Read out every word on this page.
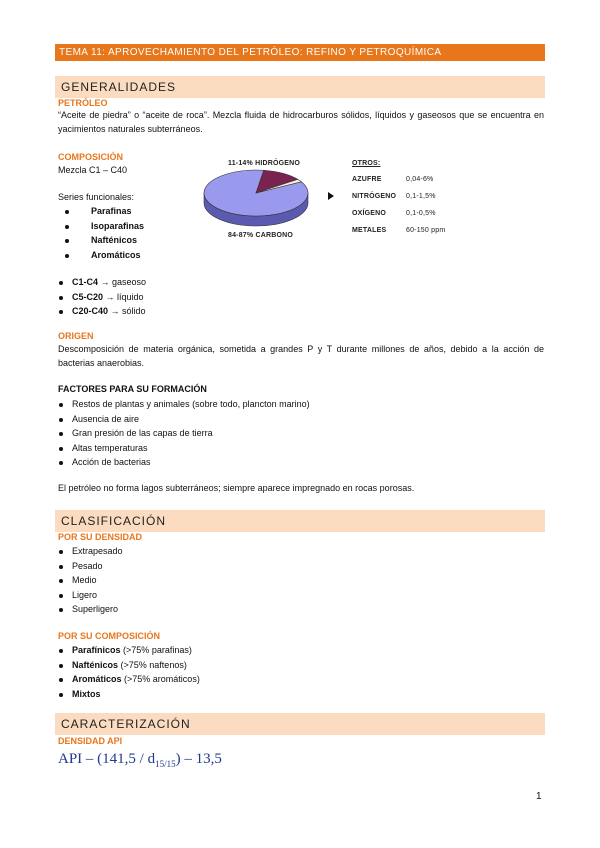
TEMA 11: APROVECHAMIENTO DEL PETRÓLEO: REFINO Y PETROQUÍMICA
GENERALIDADES
PETRÓLEO
“Aceite de piedra” o “aceite de roca”. Mezcla fluida de hidrocarburos sólidos, líquidos y gaseosos que se encuentra en yacimientos naturales subterráneos.
COMPOSICIÓN
Mezcla C1 – C40
Series funcionales:
Parafinas
Isoparafinas
Nafténicos
Aromáticos
C1-C4 → gaseoso
C5-C20 → líquido
C20-C40 → sólido
11-14% HIDRÓGENO
84-87% CARBONO
OTROS:
AZUFRE	0,04-6%
NITRÓGENO 0,1-1,5%
OXÍGENO	0,1-0,5%
METALES	60-150 ppm
ORIGEN
Descomposición de materia orgánica, sometida a grandes P y T durante millones de años, debido a la acción de bacterias anaerobias.
FACTORES PARA SU FORMACIÓN
Restos de plantas y animales (sobre todo, plancton marino)
Ausencia de aire
Gran presión de las capas de tierra
Altas temperaturas
Acción de bacterias
El petróleo no forma lagos subterráneos; siempre aparece impregnado en rocas porosas.
CLASIFICACIÓN
POR SU DENSIDAD
Extrapesado
Pesado
Medio
Ligero
Superligero
POR SU COMPOSICIÓN
Parafínicos (>75% parafinas)
Nafténicos (>75% naftenos)
Aromáticos (>75% aromáticos)
Mixtos
CARACTERIZACIÓN
DENSIDAD API
API – $(141,5 / d_{15/15}) - 13,5$
1
